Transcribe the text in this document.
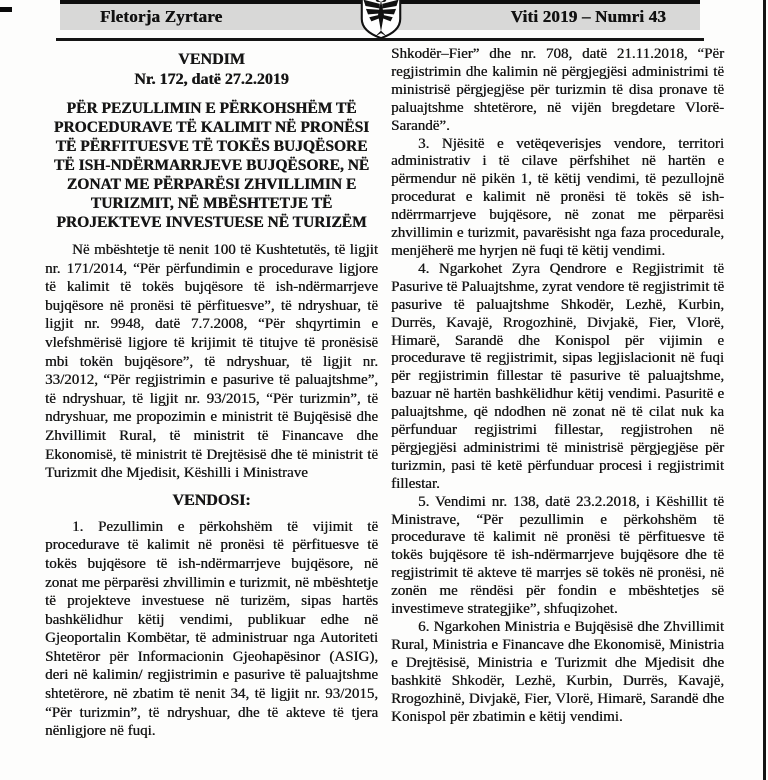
Fletorja Zyrtare	Viti 2019 – Numri 43

VENDIM

Nr. 172, datë 27.2.2019

PËR PEZULLIMIN E PËRKOHSHËM TË PROCEDURAVE TË KALIMIT NË PRONËSI TË PËRFITUESVE TË TOKËS BUJQËSORE TË ISH-NDËRMARRJEVE BUJQËSORE, NË ZONAT ME PËRPARËSI ZHVILLIMIN E TURIZMIT, NË MBËSHTETJE TË PROJEKTEVE INVESTUESE NË TURIZËM

Në mbështetje të nenit 100 të Kushtetutës, të ligjit nr. 171/2014, “Për përfundimin e procedurave ligjore të kalimit të tokës bujqësore të ish-ndërmarrjeve bujqësore në pronësi të përfituesve”, të ndryshuar, të ligjit nr. 9948, datë 7.7.2008, “Për shqyrtimin e vlefshmërisë ligjore të krijimit të titujve të pronësisë mbi tokën bujqësore”, të ndryshuar, të ligjit nr. 33/2012, “Për regjistrimin e pasurive të paluajtshme”, të ndryshuar, të ligjit nr. 93/2015, “Për turizmin”, të ndryshuar, me propozimin e ministrit të Bujqësisë dhe Zhvillimit Rural, të ministrit të Financave dhe Ekonomisë, të ministrit të Drejtësisë dhe të ministrit të Turizmit dhe Mjedisit, Këshilli i Ministrave

VENDOSI:

1. Pezullimin e përkohshëm të vijimit të procedurave të kalimit në pronësi të përfituesve të tokës bujqësore të ish-ndërmarrjeve bujqësore, në zonat me përparësi zhvillimin e turizmit, në mbështetje të projekteve investuese në turizëm, sipas hartës bashkëlidhur këtij vendimi, publikuar edhe në Gjeoportalin Kombëtar, të administruar nga Autoriteti Shtetëror për Informacionin Gjeohapësinor (ASIG), deri në kalimin/ regjistrimin e pasurive të paluajtshme shtetërore, në zbatim të nenit 34, të ligjit nr. 93/2015, “Për turizmin”, të ndryshuar, dhe të akteve të tjera nënligjore në fuqi.

Shkodër–Fier” dhe nr. 708, datë 21.11.2018, “Për regjistrimin dhe kalimin në përgjegjësi administrimi të ministrisë përgjegjëse për turizmin të disa pronave të paluajtshme shtetërore, në vijën bregdetare Vlorë-Sarandë”.

3. Njësitë e vetëqeverisjes vendore, territori administrativ i të cilave përfshihet në hartën e përmendur në pikën 1, të këtij vendimi, të pezullojnë procedurat e kalimit në pronësi të tokës së ish-ndërrmarrjeve bujqësore, në zonat me përparësi zhvillimin e turizmit, pavarësisht nga faza procedurale, menjëherë me hyrjen në fuqi të këtij vendimi.

4. Ngarkohet Zyra Qendrore e Regjistrimit të Pasurive të Paluajtshme, zyrat vendore të regjistrimit të pasurive të paluajtshme Shkodër, Lezhë, Kurbin, Durrës, Kavajë, Rrogozhinë, Divjakë, Fier, Vlorë, Himarë, Sarandë dhe Konispol për vijimin e procedurave të regjistrimit, sipas legjislacionit në fuqi për regjistrimin fillestar të pasurive të paluajtshme, bazuar në hartën bashkëlidhur këtij vendimi. Pasuritë e paluajtshme, që ndodhen në zonat në të cilat nuk ka përfunduar regjistrimi fillestar, regjistrohen në përgjegjësi administrimi të ministrisë përgjegjëse për turizmin, pasi të ketë përfunduar procesi i regjistrimit fillestar.

5. Vendimi nr. 138, datë 23.2.2018, i Këshillit të Ministrave, “Për pezullimin e përkohshëm të procedurave të kalimit në pronësi të përfituesve të tokës bujqësore të ish-ndërmarrjeve bujqësore dhe të regjistrimit të akteve të marrjes së tokës në pronësi, në zonën me rëndësi për fondin e mbështetjes së investimeve strategjike”, shfuqizohet.

6. Ngarkohen Ministria e Bujqësisë dhe Zhvillimit Rural, Ministria e Financave dhe Ekonomisë, Ministria e Drejtësisë, Ministria e Turizmit dhe Mjedisit dhe bashkitë Shkodër, Lezhë, Kurbin, Durrës, Kavajë, Rrogozhinë, Divjakë, Fier, Vlorë, Himarë, Sarandë dhe Konispol për zbatimin e këtij vendimi.
